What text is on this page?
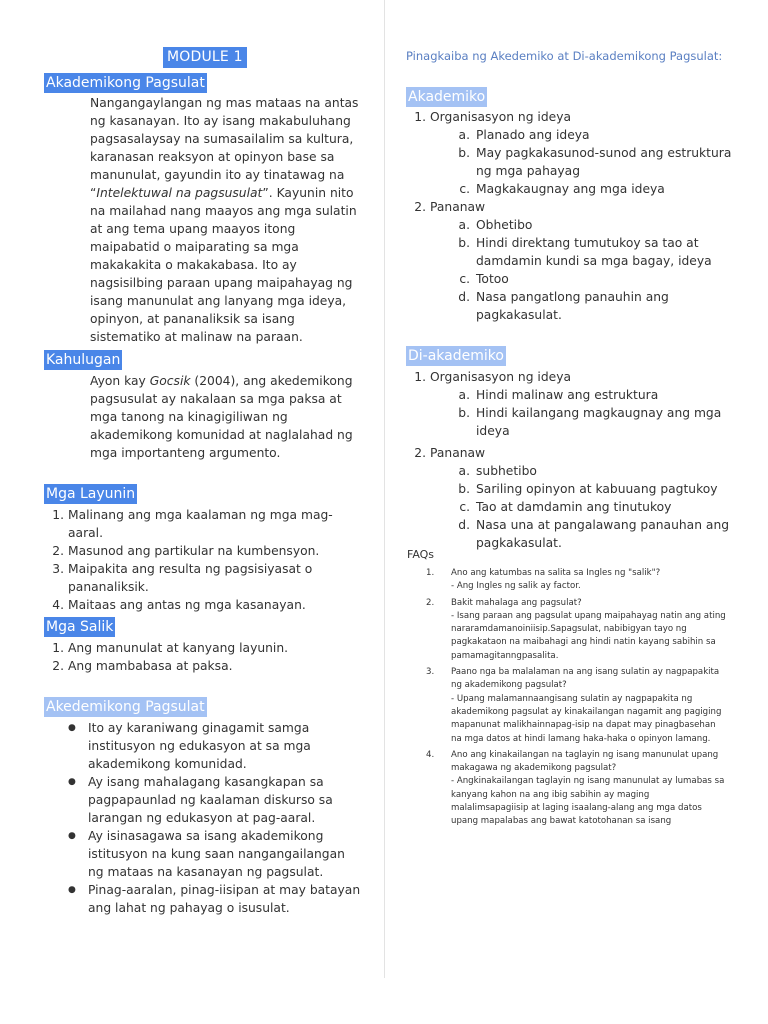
MODULE 1
Akademikong Pagsulat
Nangangaylangan ng mas mataas na antas ng kasanayan. Ito ay isang makabuluhang pagsasalaysay na sumasailalim sa kultura, karanasan reaksyon at opinyon base sa manunulat, gayundin ito ay tinatawag na “Intelektuwal na pagsusulat”. Kayunin nito na mailahad nang maayos ang mga sulatin at ang tema upang maayos itong maipabatid o maiparating sa mga makakakita o makakabasa. Ito ay nagsisilbing paraan upang maipahayag ng isang manunulat ang lanyang mga ideya, opinyon, at pananaliksik sa isang sistematiko at malinaw na paraan.
Kahulugan
Ayon kay Gocsik (2004), ang akedemikong pagsusulat ay nakalaan sa mga paksa at mga tanong na kinagigiliwan ng akademikong komunidad at naglalahad ng mga importanteng argumento.
Mga Layunin
1. Malinang ang mga kaalaman ng mga mag-aaral.
2. Masunod ang partikular na kumbensyon.
3. Maipakita ang resulta ng pagsisiyasat o pananaliksik.
4. Maitaas ang antas ng mga kasanayan.
Mga Salik
1. Ang manunulat at kanyang layunin.
2. Ang mambabasa at paksa.
Akedemikong Pagsulat
● Ito ay karaniwang ginagamit samga institusyon ng edukasyon at sa mga akademikong komunidad.
● Ay isang mahalagang kasangkapan sa pagpapaunlad ng kaalaman diskurso sa larangan ng edukasyon at pag-aaral.
● Ay isinasagawa sa isang akademikong istitusyon na kung saan nangangailangan ng mataas na kasanayan ng pagsulat.
● Pinag-aaralan, pinag-iisipan at may batayan ang lahat ng pahayag o isusulat.
Pinagkaiba ng Akedemiko at Di-akademikong Pagsulat:
Akademiko
1. Organisasyon ng ideya
a. Planado ang ideya
b. May pagkakasunod-sunod ang estruktura ng mga pahayag
c. Magkakaugnay ang mga ideya
2. Pananaw
a. Obhetibo
b. Hindi direktang tumutukoy sa tao at damdamin kundi sa mga bagay, ideya
c. Totoo
d. Nasa pangatlong panauhin ang pagkakasulat.
Di-akademiko
1. Organisasyon ng ideya
a. Hindi malinaw ang estruktura
b. Hindi kailangang magkaugnay ang mga ideya
2. Pananaw
a. subhetibo
b. Sariling opinyon at kabuuang pagtukoy
c. Tao at damdamin ang tinutukoy
d. Nasa una at pangalawang panauhan ang pagkakasulat.
FAQs
1. Ano ang katumbas na salita sa Ingles ng "salik"?
- Ang Ingles ng salik ay factor.
2. Bakit mahalaga ang pagsulat?
- Isang paraan ang pagsulat upang maipahayag natin ang ating nararamdamanoiniisip.Sapagsulat, nabibigyan tayo ng pagkakataon na maibahagi ang hindi natin kayang sabihin sa pamamagitanngpasalita.
3. Paano nga ba malalaman na ang isang sulatin ay nagpapakita ng akademikong pagsulat?
- Upang malamannaangisang sulatin ay nagpapakita ng akademikong pagsulat ay kinakailangan nagamit ang pagiging mapanunat malikhainnapag-isip na dapat may pinagbasehan na mga datos at hindi lamang haka-haka o opinyon lamang.
4. Ano ang kinakailangan na taglayin ng isang manunulat upang makagawa ng akademikong pagsulat?
- Angkinakailangan taglayin ng isang manunulat ay lumabas sa kanyang kahon na ang ibig sabihin ay maging malalimsapagiisip at laging isaalang-alang ang mga datos upang mapalabas ang bawat katotohanan sa isang
